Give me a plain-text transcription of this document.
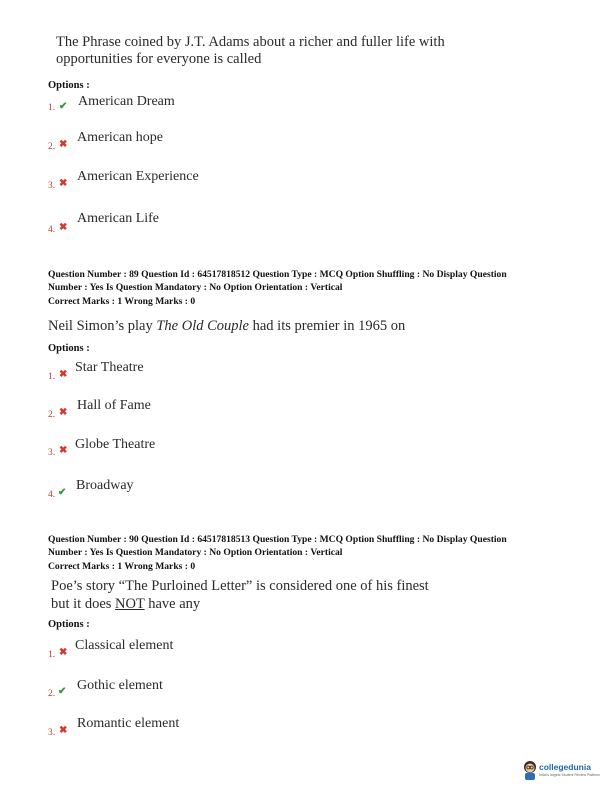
The Phrase coined by J.T. Adams about a richer and fuller life with
opportunities for everyone is called
Options :
1. ✔ American Dream
2. ✖ American hope
3. ✖ American Experience
4. ✖
American Life
Question Number : 89 Question Id : 64517818512 Question Type : MCQ Option Shuffling : No Display Question
Number : Yes Is Question Mandatory : No Option Orientation : Vertical
Correct Marks : 1 Wrong Marks : 0
Neil Simon’s play The Old Couple had its premier in 1965 on
Options :
1. ✖ Star Theatre
2. ✖ Hall of Fame
3. ✖ Globe Theatre
4. ✔ Broadway
Question Number : 90 Question Id : 64517818513 Question Type : MCQ Option Shuffling : No Display Question
Number : Yes Is Question Mandatory : No Option Orientation : Vertical
Correct Marks : 1 Wrong Marks : 0
Poe’s story “The Purloined Letter” is considered one of his finest
but it does NOT have any
Options :
1. ✖ Classical element
2. ✔ Gothic element
3. ✖ Romantic element
collegedunia
India's largest Student Review Platform
